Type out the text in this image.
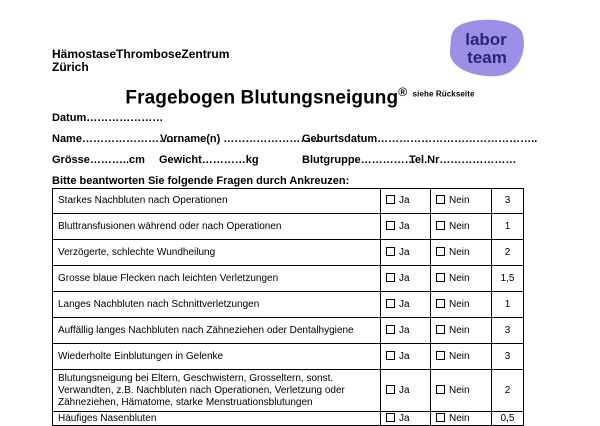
HämostaseThromboseZentrum
Zürich
labor
team
Fragebogen Blutungsneigung® $^{siehe Rückseite}$
Datum…………………
Name………………………
Vorname(n) ………………………
Geburtsdatum……………………………………..
Grösse………..cm Gewicht…………kg	Blutgruppe……………
Tel.Nr…………………
Bitte beantworten Sie folgende Fragen durch Ankreuzen:
Starkes Nachbluten nach Operationen	Ja	Nein	3
Bluttransfusionen während oder nach Operationen	Ja	Nein	1
Verzögerte, schlechte Wundheilung	Ja	Nein	2
Grosse blaue Flecken nach leichten Verletzungen	Ja	Nein	1,5
Langes Nachbluten nach Schnittverletzungen	Ja	Nein	1
Auffällig langes Nachbluten nach Zähneziehen oder Dentalhygiene	Ja	Nein	3
Wiederholte Einblutungen in Gelenke	Ja	Nein	3
Blutungsneigung bei Eltern, Geschwistern, Grosseltern, sonst. Verwandten, z.B. Nachbluten nach Operationen, Verletzung oder Zähneziehen, Hämatome, starke Menstruationsblutungen	Ja	Nein	2
Häufiges Nasenbluten	Ja	Nein	0,5
